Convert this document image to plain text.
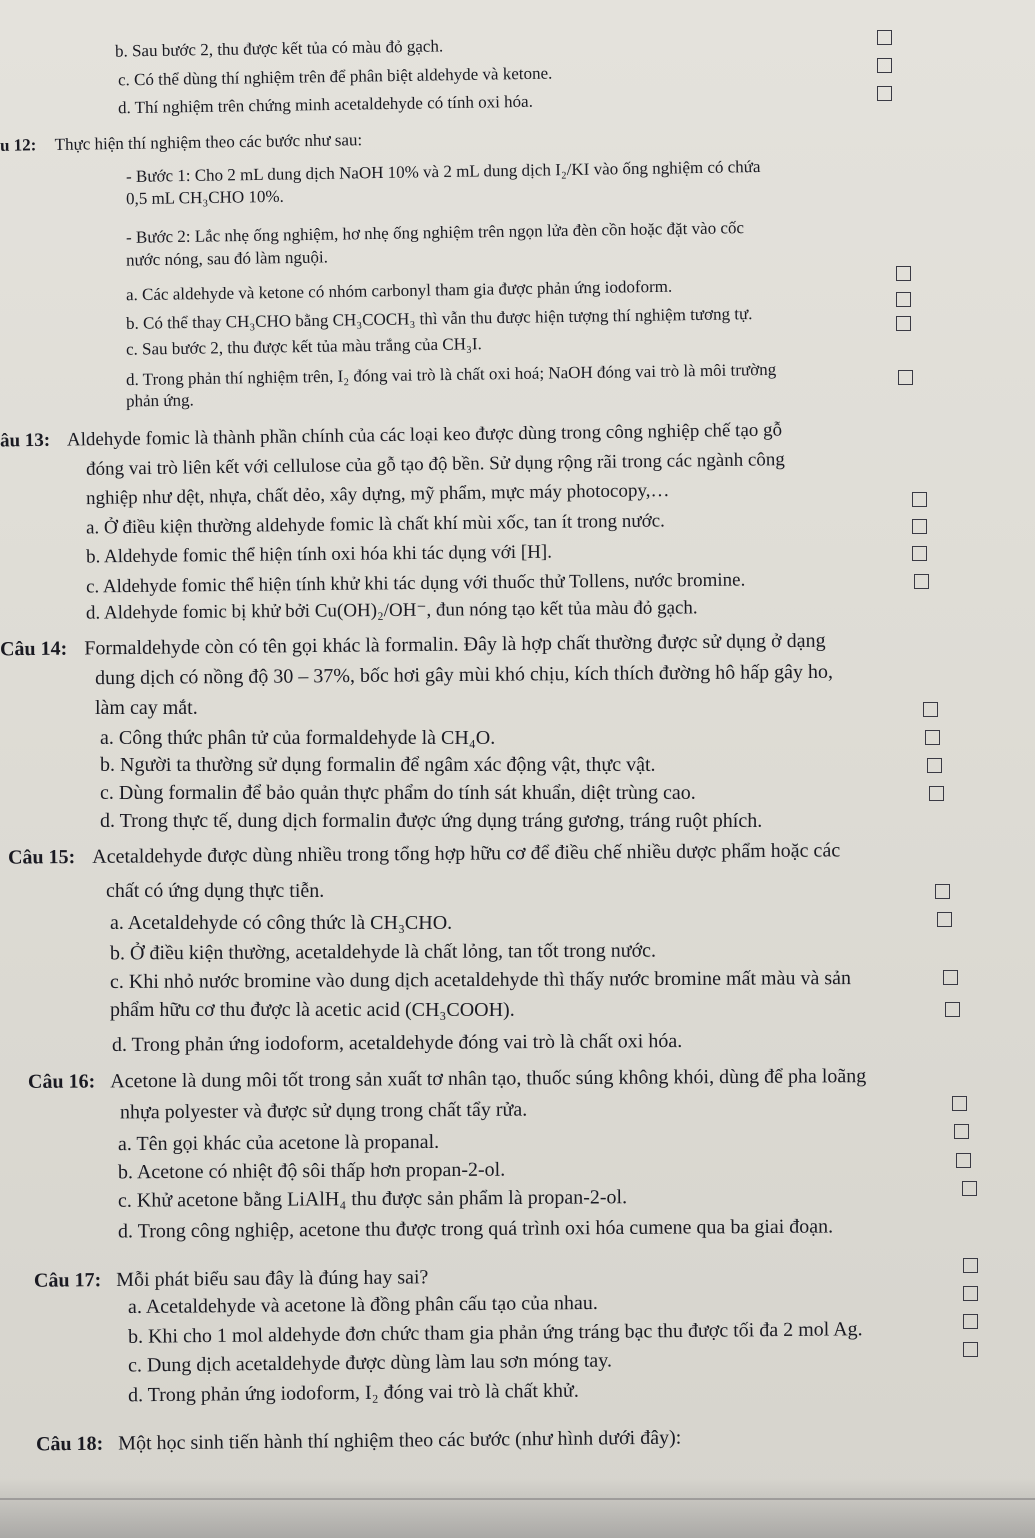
b. Sau bước 2, thu được kết tủa có màu đỏ gạch.
c. Có thể dùng thí nghiệm trên để phân biệt aldehyde và ketone.
d. Thí nghiệm trên chứng minh acetaldehyde có tính oxi hóa.
u 12: Thực hiện thí nghiệm theo các bước như sau:
- Bước 1: Cho 2 mL dung dịch NaOH 10% và 2 mL dung dịch I₂/KI vào ống nghiệm có chứa
0,5 mL CH₃CHO 10%.
- Bước 2: Lắc nhẹ ống nghiệm, hơ nhẹ ống nghiệm trên ngọn lửa đèn cồn hoặc đặt vào cốc
nước nóng, sau đó làm nguội.
a. Các aldehyde và ketone có nhóm carbonyl tham gia được phản ứng iodoform.
b. Có thể thay CH₃CHO bằng CH₃COCH₃ thì vẫn thu được hiện tượng thí nghiệm tương tự.
c. Sau bước 2, thu được kết tủa màu trắng của CH₃I.
d. Trong phản thí nghiệm trên, I₂ đóng vai trò là chất oxi hoá; NaOH đóng vai trò là môi trường
phản ứng.
âu 13: Aldehyde fomic là thành phần chính của các loại keo được dùng trong công nghiệp chế tạo gỗ
đóng vai trò liên kết với cellulose của gỗ tạo độ bền. Sử dụng rộng rãi trong các ngành công
nghiệp như dệt, nhựa, chất dẻo, xây dựng, mỹ phẩm, mực máy photocopy,…
a. Ở điều kiện thường aldehyde fomic là chất khí mùi xốc, tan ít trong nước.
b. Aldehyde fomic thể hiện tính oxi hóa khi tác dụng với [H].
c. Aldehyde fomic thể hiện tính khử khi tác dụng với thuốc thử Tollens, nước bromine.
d. Aldehyde fomic bị khử bởi Cu(OH)₂/OH⁻, đun nóng tạo kết tủa màu đỏ gạch.
Câu 14: Formaldehyde còn có tên gọi khác là formalin. Đây là hợp chất thường được sử dụng ở dạng
dung dịch có nồng độ 30 – 37%, bốc hơi gây mùi khó chịu, kích thích đường hô hấp gây ho,
làm cay mắt.
a. Công thức phân tử của formaldehyde là CH₄O.
b. Người ta thường sử dụng formalin để ngâm xác động vật, thực vật.
c. Dùng formalin để bảo quản thực phẩm do tính sát khuẩn, diệt trùng cao.
d. Trong thực tế, dung dịch formalin được ứng dụng tráng gương, tráng ruột phích.
Câu 15: Acetaldehyde được dùng nhiều trong tổng hợp hữu cơ để điều chế nhiều dược phẩm hoặc các
chất có ứng dụng thực tiễn.
a. Acetaldehyde có công thức là CH₃CHO.
b. Ở điều kiện thường, acetaldehyde là chất lỏng, tan tốt trong nước.
c. Khi nhỏ nước bromine vào dung dịch acetaldehyde thì thấy nước bromine mất màu và sản
phẩm hữu cơ thu được là acetic acid (CH₃COOH).
d. Trong phản ứng iodoform, acetaldehyde đóng vai trò là chất oxi hóa.
Câu 16: Acetone là dung môi tốt trong sản xuất tơ nhân tạo, thuốc súng không khói, dùng để pha loãng
nhựa polyester và được sử dụng trong chất tẩy rửa.
a. Tên gọi khác của acetone là propanal.
b. Acetone có nhiệt độ sôi thấp hơn propan-2-ol.
c. Khử acetone bằng LiAlH₄ thu được sản phẩm là propan-2-ol.
d. Trong công nghiệp, acetone thu được trong quá trình oxi hóa cumene qua ba giai đoạn.
Câu 17: Mỗi phát biểu sau đây là đúng hay sai?
a. Acetaldehyde và acetone là đồng phân cấu tạo của nhau.
b. Khi cho 1 mol aldehyde đơn chức tham gia phản ứng tráng bạc thu được tối đa 2 mol Ag.
c. Dung dịch acetaldehyde được dùng làm lau sơn móng tay.
d. Trong phản ứng iodoform, I₂ đóng vai trò là chất khử.
Câu 18: Một học sinh tiến hành thí nghiệm theo các bước (như hình dưới đây):
